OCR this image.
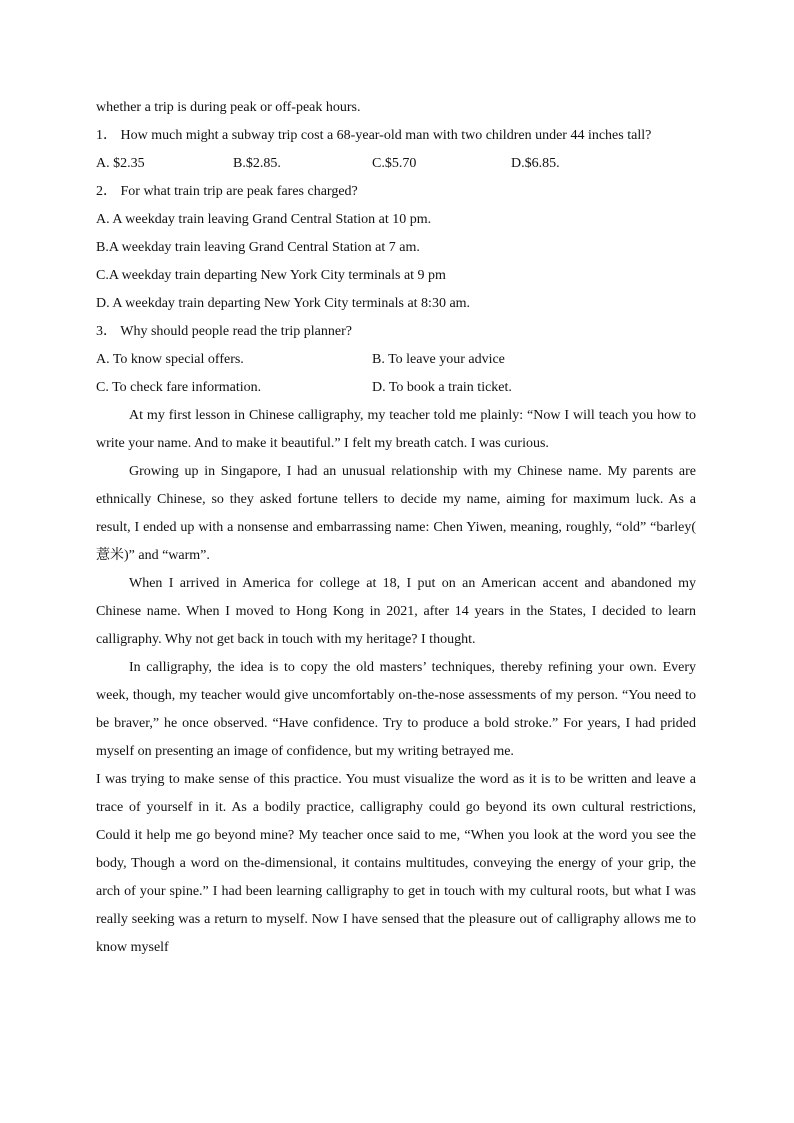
whether a trip is during peak or off-peak hours.

1． How much might a subway trip cost a 68-year-old man with two children under 44 inches tall?

A. $2.35	B.$2.85.	C.$5.70	D.$6.85.

2． For what train trip are peak fares charged?

A. A weekday train leaving Grand Central Station at 10 pm.

B.A weekday train leaving Grand Central Station at 7 am.

C.A weekday train departing New York City terminals at 9 pm

D. A weekday train departing New York City terminals at 8:30 am.

3． Why should people read the trip planner?

A. To know special offers.	B. To leave your advice
C. To check fare information.	D. To book a train ticket.

At my first lesson in Chinese calligraphy, my teacher told me plainly: “Now I will teach you how to write your name. And to make it beautiful.” I felt my breath catch. I was curious.

Growing up in Singapore, I had an unusual relationship with my Chinese name. My parents are ethnically Chinese, so they asked fortune tellers to decide my name, aiming for maximum luck. As a result, I ended up with a nonsense and embarrassing name: Chen Yiwen, meaning, roughly, “old” “barley( 薏米)” and “warm”.

When I arrived in America for college at 18, I put on an American accent and abandoned my Chinese name. When I moved to Hong Kong in 2021, after 14 years in the States, I decided to learn calligraphy. Why not get back in touch with my heritage? I thought.

In calligraphy, the idea is to copy the old masters’ techniques, thereby refining your own. Every week, though, my teacher would give uncomfortably on-the-nose assessments of my person. “You need to be braver,” he once observed. “Have confidence. Try to produce a bold stroke.” For years, I had prided myself on presenting an image of confidence, but my writing betrayed me.

I was trying to make sense of this practice. You must visualize the word as it is to be written and leave a trace of yourself in it. As a bodily practice, calligraphy could go beyond its own cultural restrictions, Could it help me go beyond mine? My teacher once said to me, “When you look at the word you see the body, Though a word on the-dimensional, it contains multitudes, conveying the energy of your grip, the arch of your spine.” I had been learning calligraphy to get in touch with my cultural roots, but what I was really seeking was a return to myself. Now I have sensed that the pleasure out of calligraphy allows me to know myself
